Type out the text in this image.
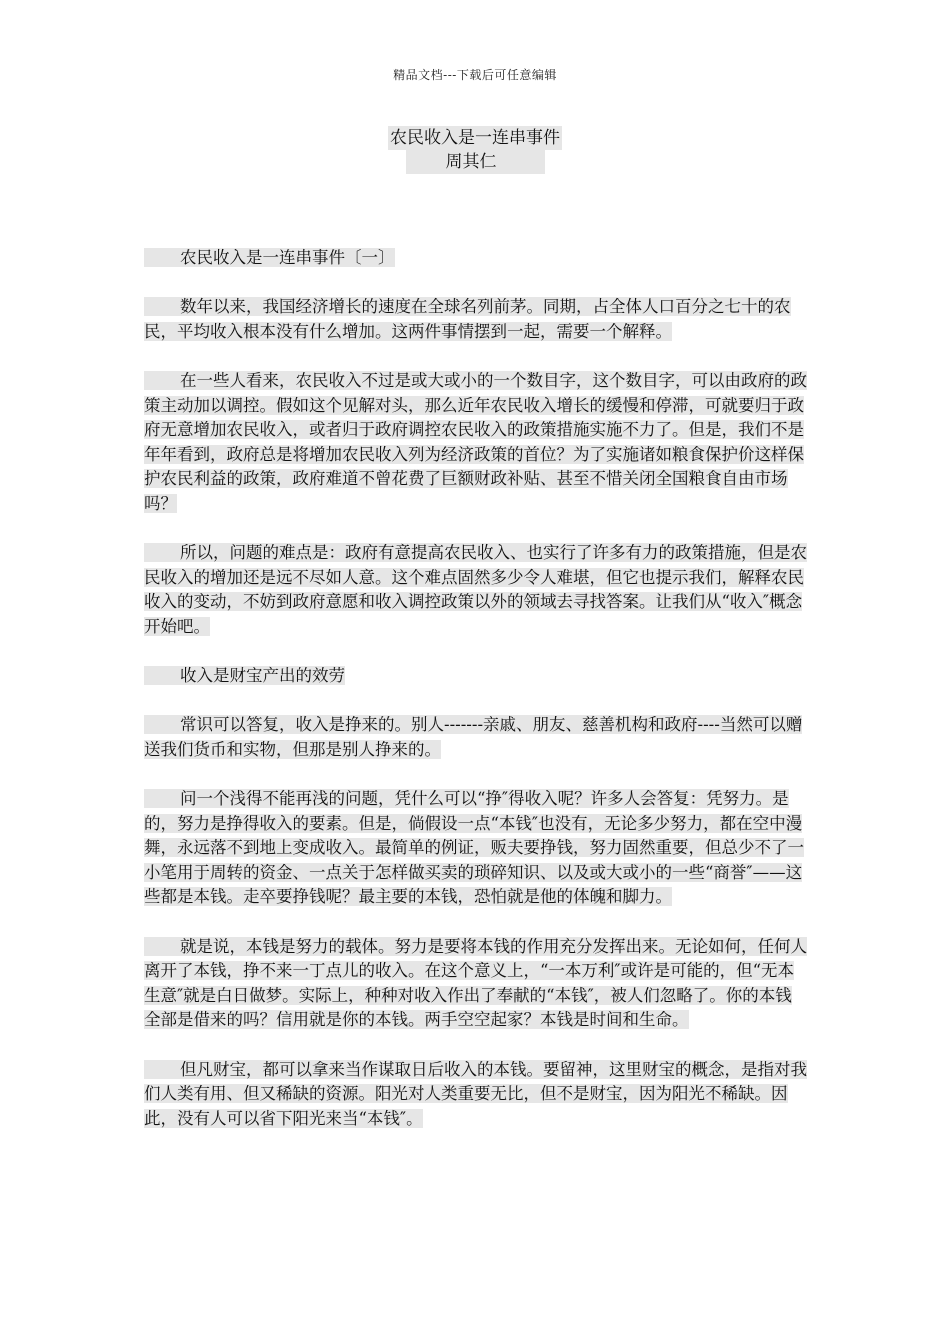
精品文档---下载后可任意编辑
农民收入是一连串事件
周其仁

农民收入是一连串事件〔一〕

数年以来，我国经济增长的速度在全球名列前茅。同期，占全体人口百分之七十的农民，平均收入根本没有什么增加。这两件事情摆到一起，需要一个解释。

在一些人看来，农民收入不过是或大或小的一个数目字，这个数目字，可以由政府的政策主动加以调控。假如这个见解对头，那么近年农民收入增长的缓慢和停滞，可就要归于政府无意增加农民收入，或者归于政府调控农民收入的政策措施实施不力了。但是，我们不是年年看到，政府总是将增加农民收入列为经济政策的首位？为了实施诸如粮食保护价这样保护农民利益的政策，政府难道不曾花费了巨额财政补贴、甚至不惜关闭全国粮食自由市场吗？

所以，问题的难点是：政府有意提高农民收入、也实行了许多有力的政策措施，但是农民收入的增加还是远不尽如人意。这个难点固然多少令人难堪，但它也提示我们，解释农民收入的变动，不妨到政府意愿和收入调控政策以外的领域去寻找答案。让我们从“收入″概念开始吧。

收入是财宝产出的效劳

常识可以答复，收入是挣来的。别人-------亲戚、朋友、慈善机构和政府----当然可以赠送我们货币和实物，但那是别人挣来的。

问一个浅得不能再浅的问题，凭什么可以“挣″得收入呢？许多人会答复：凭努力。是的，努力是挣得收入的要素。但是，倘假设一点“本钱″也没有，无论多少努力，都在空中漫舞，永远落不到地上变成收入。最简单的例证，贩夫要挣钱，努力固然重要，但总少不了一小笔用于周转的资金、一点关于怎样做买卖的琐碎知识、以及或大或小的一些“商誉″——这些都是本钱。走卒要挣钱呢？最主要的本钱，恐怕就是他的体魄和脚力。

就是说，本钱是努力的载体。努力是要将本钱的作用充分发挥出来。无论如何，任何人离开了本钱，挣不来一丁点儿的收入。在这个意义上，“一本万利″或许是可能的，但“无本生意″就是白日做梦。实际上，种种对收入作出了奉献的“本钱″，被人们忽略了。你的本钱全部是借来的吗？信用就是你的本钱。两手空空起家？本钱是时间和生命。

但凡财宝，都可以拿来当作谋取日后收入的本钱。要留神，这里财宝的概念，是指对我们人类有用、但又稀缺的资源。阳光对人类重要无比，但不是财宝，因为阳光不稀缺。因此，没有人可以省下阳光来当“本钱″。
